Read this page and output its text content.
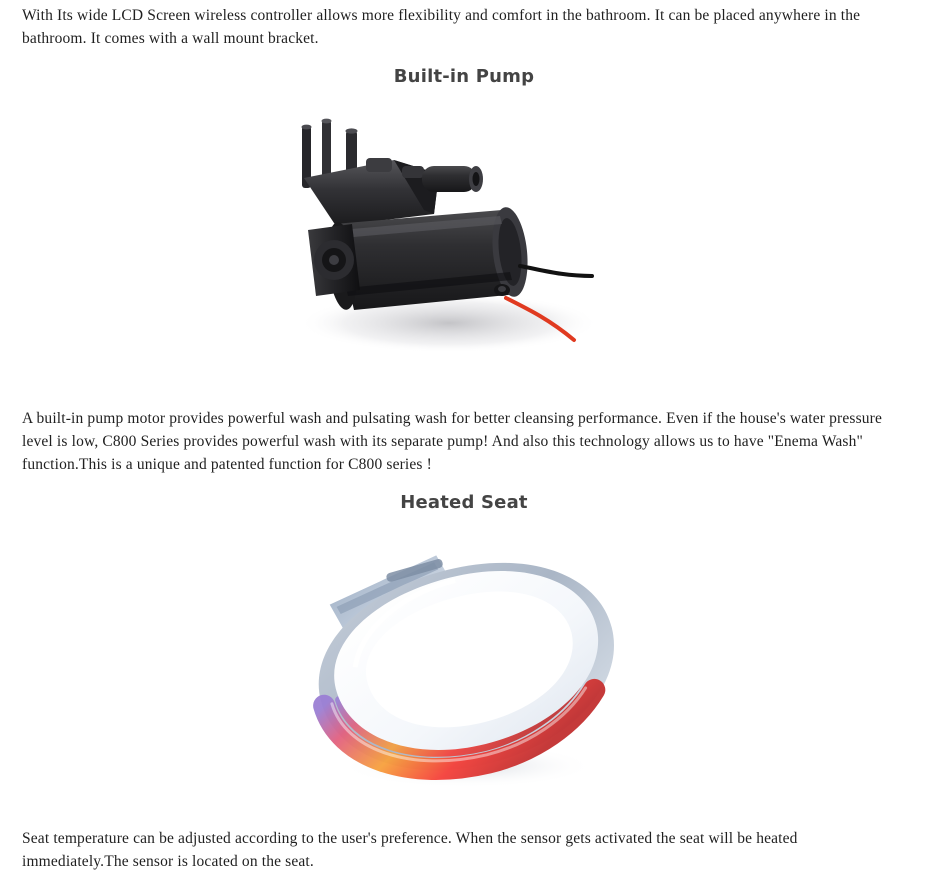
With Its wide LCD Screen wireless controller allows more flexibility and comfort in the bathroom. It can be placed anywhere in the bathroom. It comes with a wall mount bracket.

Built-in Pump

A built-in pump motor provides powerful wash and pulsating wash for better cleansing performance. Even if the house's water pressure level is low, C800 Series provides powerful wash with its separate pump! And also this technology allows us to have "Enema Wash" function.This is a unique and patented function for C800 series !

Heated Seat

Seat temperature can be adjusted according to the user's preference. When the sensor gets activated the seat will be heated immediately.The sensor is located on the seat.
